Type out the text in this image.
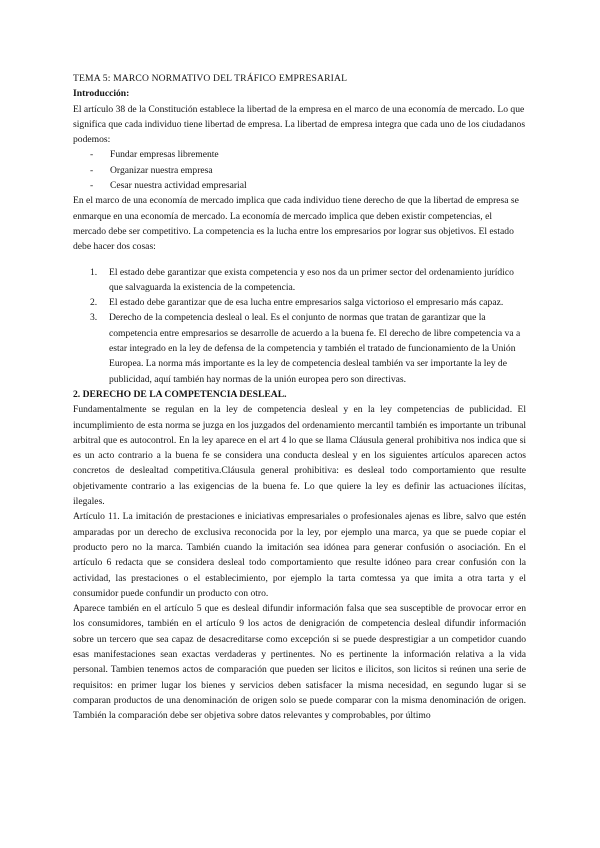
TEMA 5: MARCO NORMATIVO DEL TRÁFICO EMPRESARIAL

Introducción:

El artículo 38 de la Constitución establece la libertad de la empresa en el marco de una economía de mercado. Lo que significa que cada individuo tiene libertad de empresa. La libertad de empresa integra que cada uno de los ciudadanos podemos:

- Fundar empresas libremente
- Organizar nuestra empresa
- Cesar nuestra actividad empresarial

En el marco de una economía de mercado implica que cada individuo tiene derecho de que la libertad de empresa se enmarque en una economía de mercado. La economía de mercado implica que deben existir competencias, el mercado debe ser competitivo. La competencia es la lucha entre los empresarios por lograr sus objetivos. El estado debe hacer dos cosas:

1. El estado debe garantizar que exista competencia y eso nos da un primer sector del ordenamiento jurídico que salvaguarda la existencia de la competencia.
2. El estado debe garantizar que de esa lucha entre empresarios salga victorioso el empresario más capaz.
3. Derecho de la competencia desleal o leal. Es el conjunto de normas que tratan de garantizar que la competencia entre empresarios se desarrolle de acuerdo a la buena fe. El derecho de libre competencia va a estar integrado en la ley de defensa de la competencia y también el tratado de funcionamiento de la Unión Europea. La norma más importante es la ley de competencia desleal también va ser importante la ley de publicidad, aquí también hay normas de la unión europea pero son directivas.

2. DERECHO DE LA COMPETENCIA DESLEAL.

Fundamentalmente se regulan en la ley de competencia desleal y en la ley competencias de publicidad. El incumplimiento de esta norma se juzga en los juzgados del ordenamiento mercantil también es importante un tribunal arbitral que es autocontrol. En la ley aparece en el art 4 lo que se llama Cláusula general prohibitiva nos indica que si es un acto contrario a la buena fe se considera una conducta desleal y en los siguientes artículos aparecen actos concretos de deslealtad competitiva.Cláusula general prohibitiva: es desleal todo comportamiento que resulte objetivamente contrario a las exigencias de la buena fe. Lo que quiere la ley es definir las actuaciones ilícitas, ilegales.

Artículo 11. La imitación de prestaciones e iniciativas empresariales o profesionales ajenas es libre, salvo que estén amparadas por un derecho de exclusiva reconocida por la ley, por ejemplo una marca, ya que se puede copiar el producto pero no la marca. También cuando la imitación sea idónea para generar confusión o asociación. En el artículo 6 redacta que se considera desleal todo comportamiento que resulte idóneo para crear confusión con la actividad, las prestaciones o el establecimiento, por ejemplo la tarta comtessa ya que imita a otra tarta y el consumidor puede confundir un producto con otro.

Aparece también en el artículo 5 que es desleal difundir información falsa que sea susceptible de provocar error en los consumidores, también en el artículo 9 los actos de denigración de competencia desleal difundir información sobre un tercero que sea capaz de desacreditarse como excepción si se puede desprestigiar a un competidor cuando esas manifestaciones sean exactas verdaderas y pertinentes. No es pertinente la información relativa a la vida personal. Tambien tenemos actos de comparación que pueden ser licitos e ilicitos, son licitos si reúnen una serie de requisitos: en primer lugar los bienes y servicios deben satisfacer la misma necesidad, en segundo lugar si se comparan productos de una denominación de origen solo se puede comparar con la misma denominación de origen. También la comparación debe ser objetiva sobre datos relevantes y comprobables, por último
